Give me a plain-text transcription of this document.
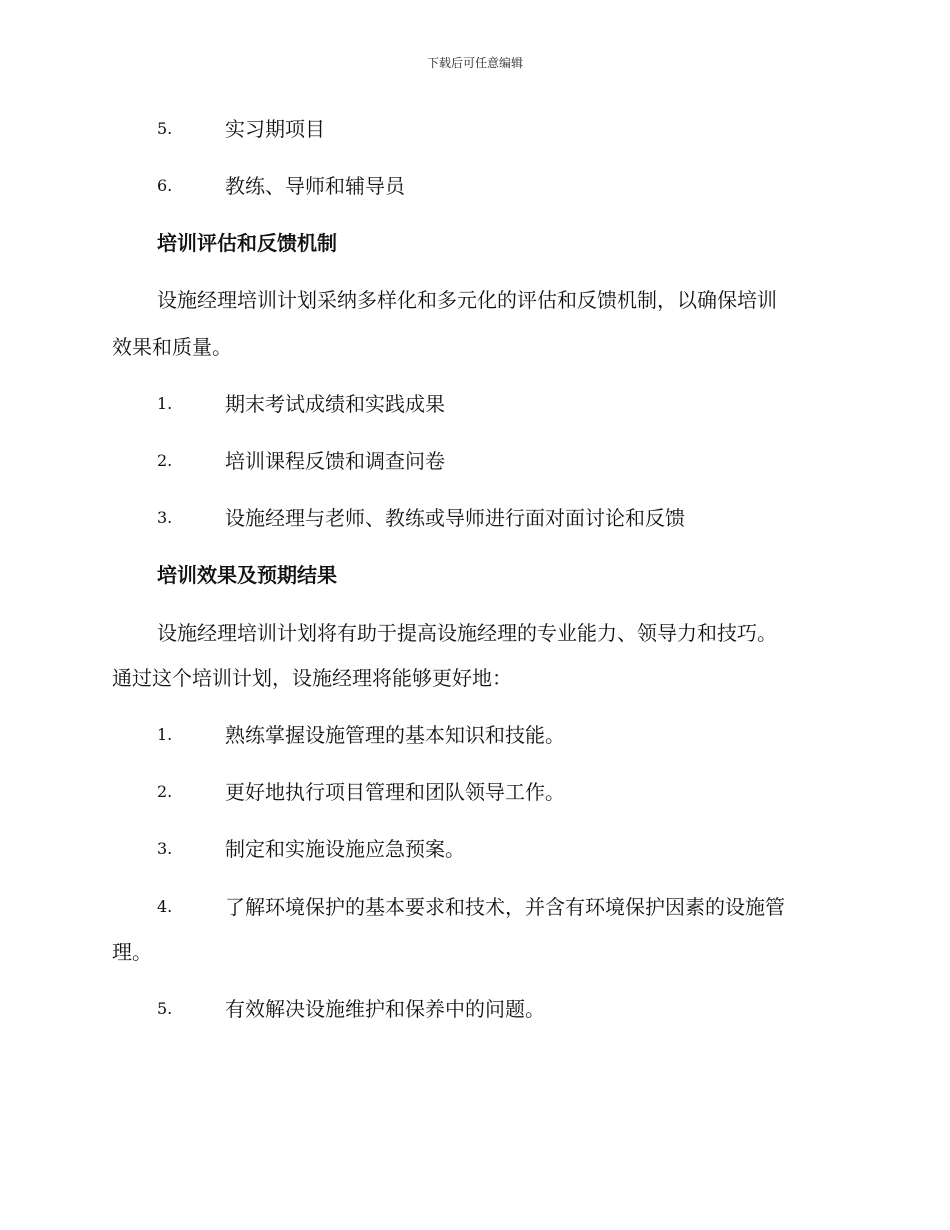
下载后可任意编辑
5.	实习期项目
6.	教练、导师和辅导员
培训评估和反馈机制
设施经理培训计划采纳多样化和多元化的评估和反馈机制，以确保培训
效果和质量。
1.	期末考试成绩和实践成果
2.	培训课程反馈和调查问卷
3.	设施经理与老师、教练或导师进行面对面讨论和反馈
培训效果及预期结果
设施经理培训计划将有助于提高设施经理的专业能力、领导力和技巧。
通过这个培训计划，设施经理将能够更好地：
1.	熟练掌握设施管理的基本知识和技能。
2.	更好地执行项目管理和团队领导工作。
3.	制定和实施设施应急预案。
4.	了解环境保护的基本要求和技术，并含有环境保护因素的设施管
理。
5.	有效解决设施维护和保养中的问题。
